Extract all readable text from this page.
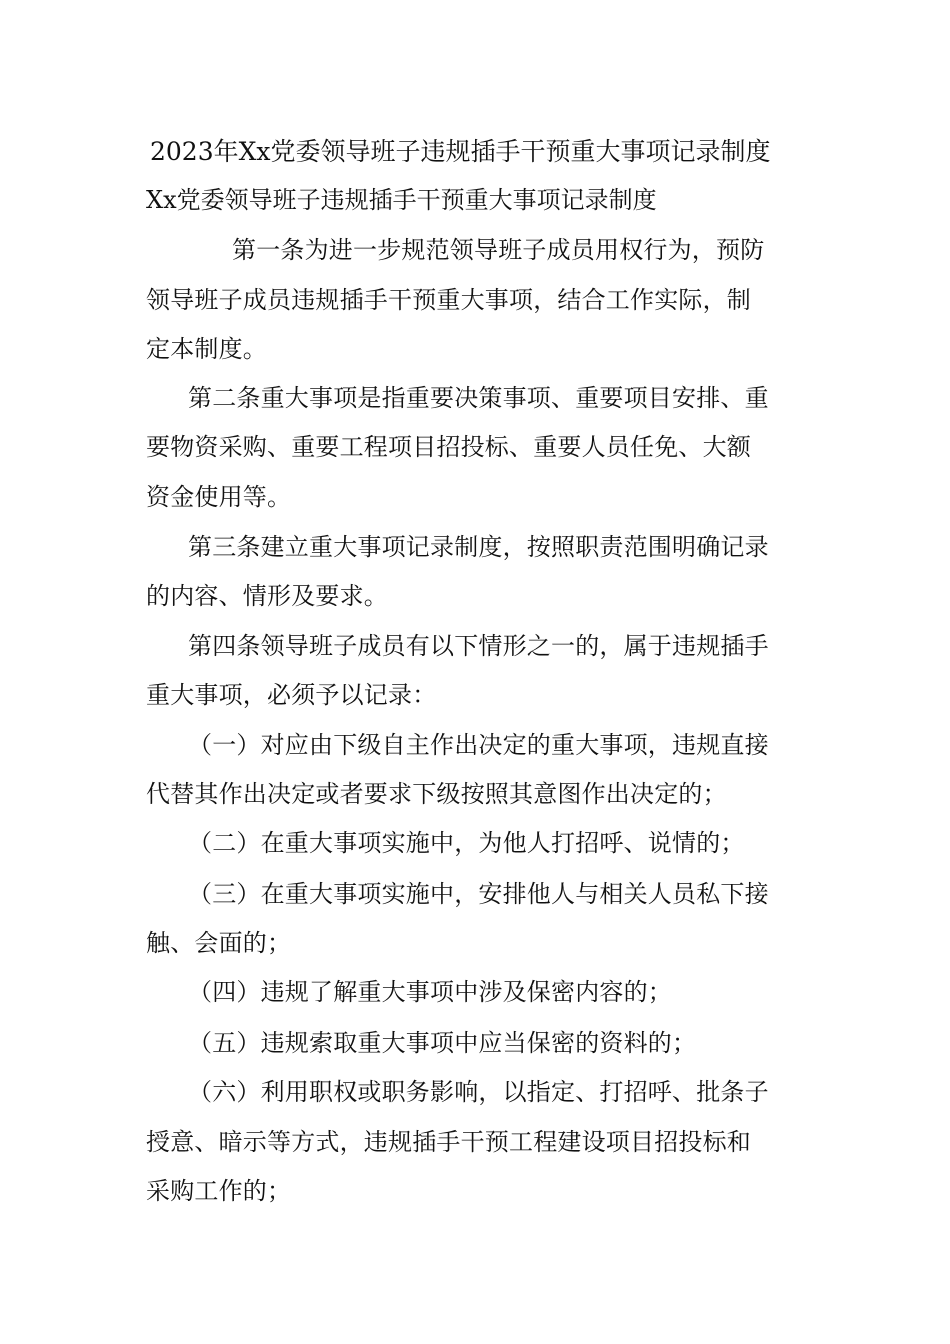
2023年Xx党委领导班子违规插手干预重大事项记录制度
Xx党委领导班子违规插手干预重大事项记录制度
第一条为进一步规范领导班子成员用权行为，预防
领导班子成员违规插手干预重大事项，结合工作实际，制
定本制度。
第二条重大事项是指重要决策事项、重要项目安排、重
要物资采购、重要工程项目招投标、重要人员任免、大额
资金使用等。
第三条建立重大事项记录制度，按照职责范围明确记录
的内容、情形及要求。
第四条领导班子成员有以下情形之一的，属于违规插手
重大事项，必须予以记录：
（一）对应由下级自主作出决定的重大事项，违规直接
代替其作出决定或者要求下级按照其意图作出决定的；
（二）在重大事项实施中，为他人打招呼、说情的；
（三）在重大事项实施中，安排他人与相关人员私下接
触、会面的；
（四）违规了解重大事项中涉及保密内容的；
（五）违规索取重大事项中应当保密的资料的；
（六）利用职权或职务影响，以指定、打招呼、批条子
授意、暗示等方式，违规插手干预工程建设项目招投标和
采购工作的；
